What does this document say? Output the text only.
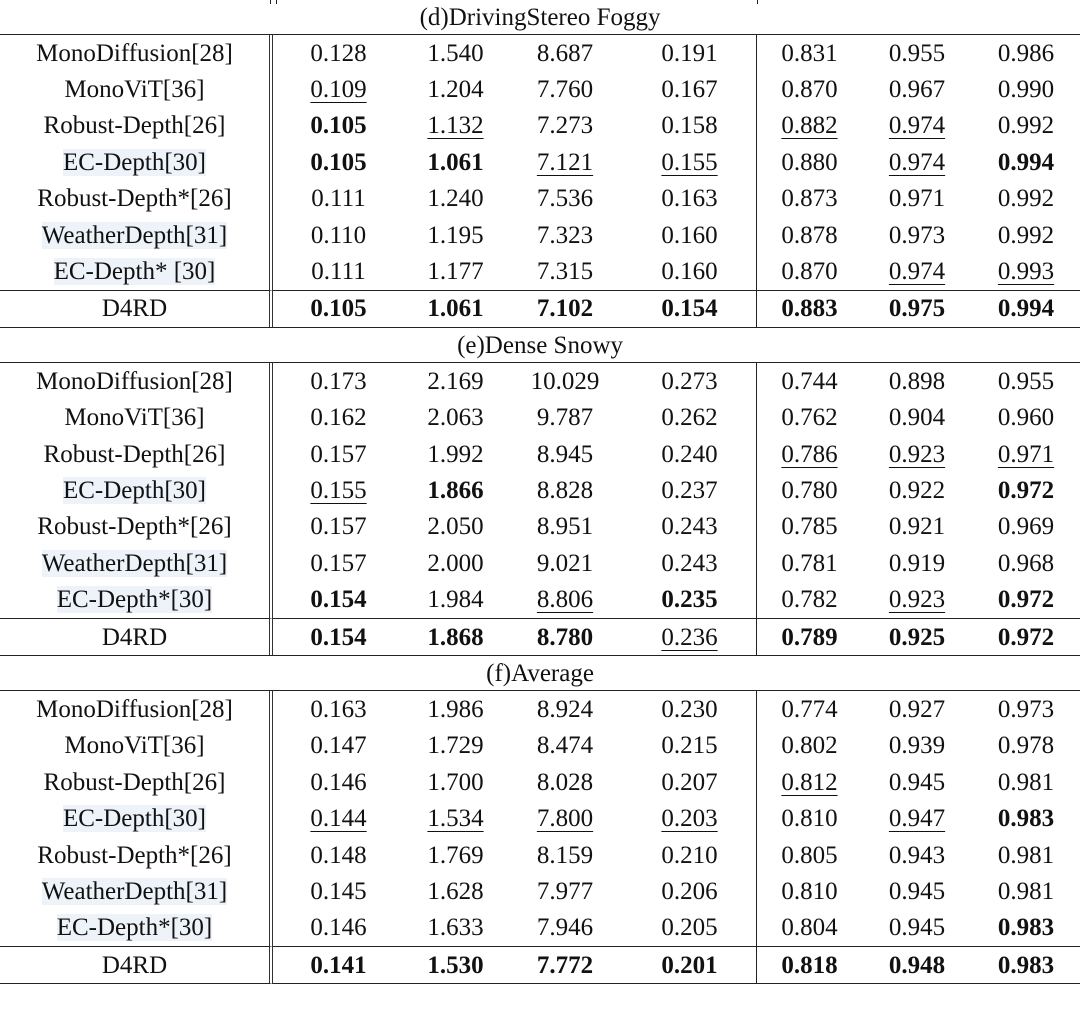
(d)DrivingStereo Foggy							
MonoDiffusion[28]	0.128	1.540	8.687	0.191	0.831	0.955	0.986
MonoViT[36]	0.109	1.204	7.760	0.167	0.870	0.967	0.990
Robust-Depth[26]	0.105	1.132	7.273	0.158	0.882	0.974	0.992
EC-Depth[30]	0.105	1.061	7.121	0.155	0.880	0.974	0.994
Robust-Depth*[26]	0.111	1.240	7.536	0.163	0.873	0.971	0.992
WeatherDepth[31]	0.110	1.195	7.323	0.160	0.878	0.973	0.992
EC-Depth* [30]	0.111	1.177	7.315	0.160	0.870	0.974	0.993
D4RD	0.105	1.061	7.102	0.154	0.883	0.975	0.994
(e)Dense Snowy							
MonoDiffusion[28]	0.173	2.169	10.029	0.273	0.744	0.898	0.955
MonoViT[36]	0.162	2.063	9.787	0.262	0.762	0.904	0.960
Robust-Depth[26]	0.157	1.992	8.945	0.240	0.786	0.923	0.971
EC-Depth[30]	0.155	1.866	8.828	0.237	0.780	0.922	0.972
Robust-Depth*[26]	0.157	2.050	8.951	0.243	0.785	0.921	0.969
WeatherDepth[31]	0.157	2.000	9.021	0.243	0.781	0.919	0.968
EC-Depth*[30]	0.154	1.984	8.806	0.235	0.782	0.923	0.972
D4RD	0.154	1.868	8.780	0.236	0.789	0.925	0.972
(f)Average							
MonoDiffusion[28]	0.163	1.986	8.924	0.230	0.774	0.927	0.973
MonoViT[36]	0.147	1.729	8.474	0.215	0.802	0.939	0.978
Robust-Depth[26]	0.146	1.700	8.028	0.207	0.812	0.945	0.981
EC-Depth[30]	0.144	1.534	7.800	0.203	0.810	0.947	0.983
Robust-Depth*[26]	0.148	1.769	8.159	0.210	0.805	0.943	0.981
WeatherDepth[31]	0.145	1.628	7.977	0.206	0.810	0.945	0.981
EC-Depth*[30]	0.146	1.633	7.946	0.205	0.804	0.945	0.983
D4RD	0.141	1.530	7.772	0.201	0.818	0.948	0.983
